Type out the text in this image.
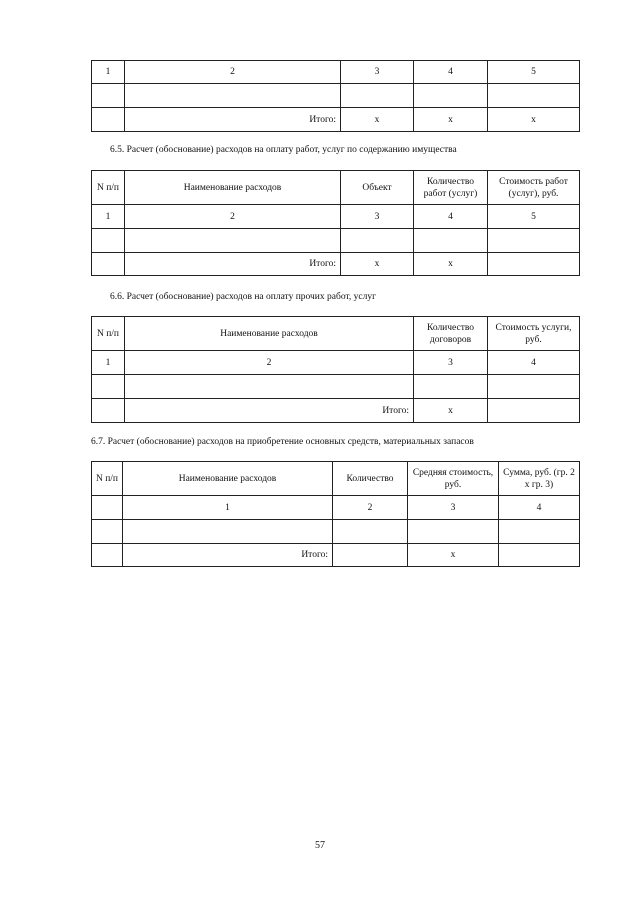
1	2	3	4	5

	Итого:	x	x	x
6.5. Расчет (обоснование) расходов на оплату работ, услуг по содержанию имущества
N п/п	Наименование расходов	Объект	Количество работ (услуг)	Стоимость работ (услуг), руб.
1	2	3	4	5

	Итого:	x	x	
6.6. Расчет (обоснование) расходов на оплату прочих работ, услуг
N п/п	Наименование расходов	Количество договоров	Стоимость услуги, руб.
1	2	3	4

	Итого:	x	
6.7. Расчет (обоснование) расходов на приобретение основных средств, материальных запасов
N п/п	Наименование расходов	Количество	Средняя стоимость, руб.	Сумма, руб. (гр. 2 x гр. 3)
	1	2	3	4

	Итого:		x	
57
